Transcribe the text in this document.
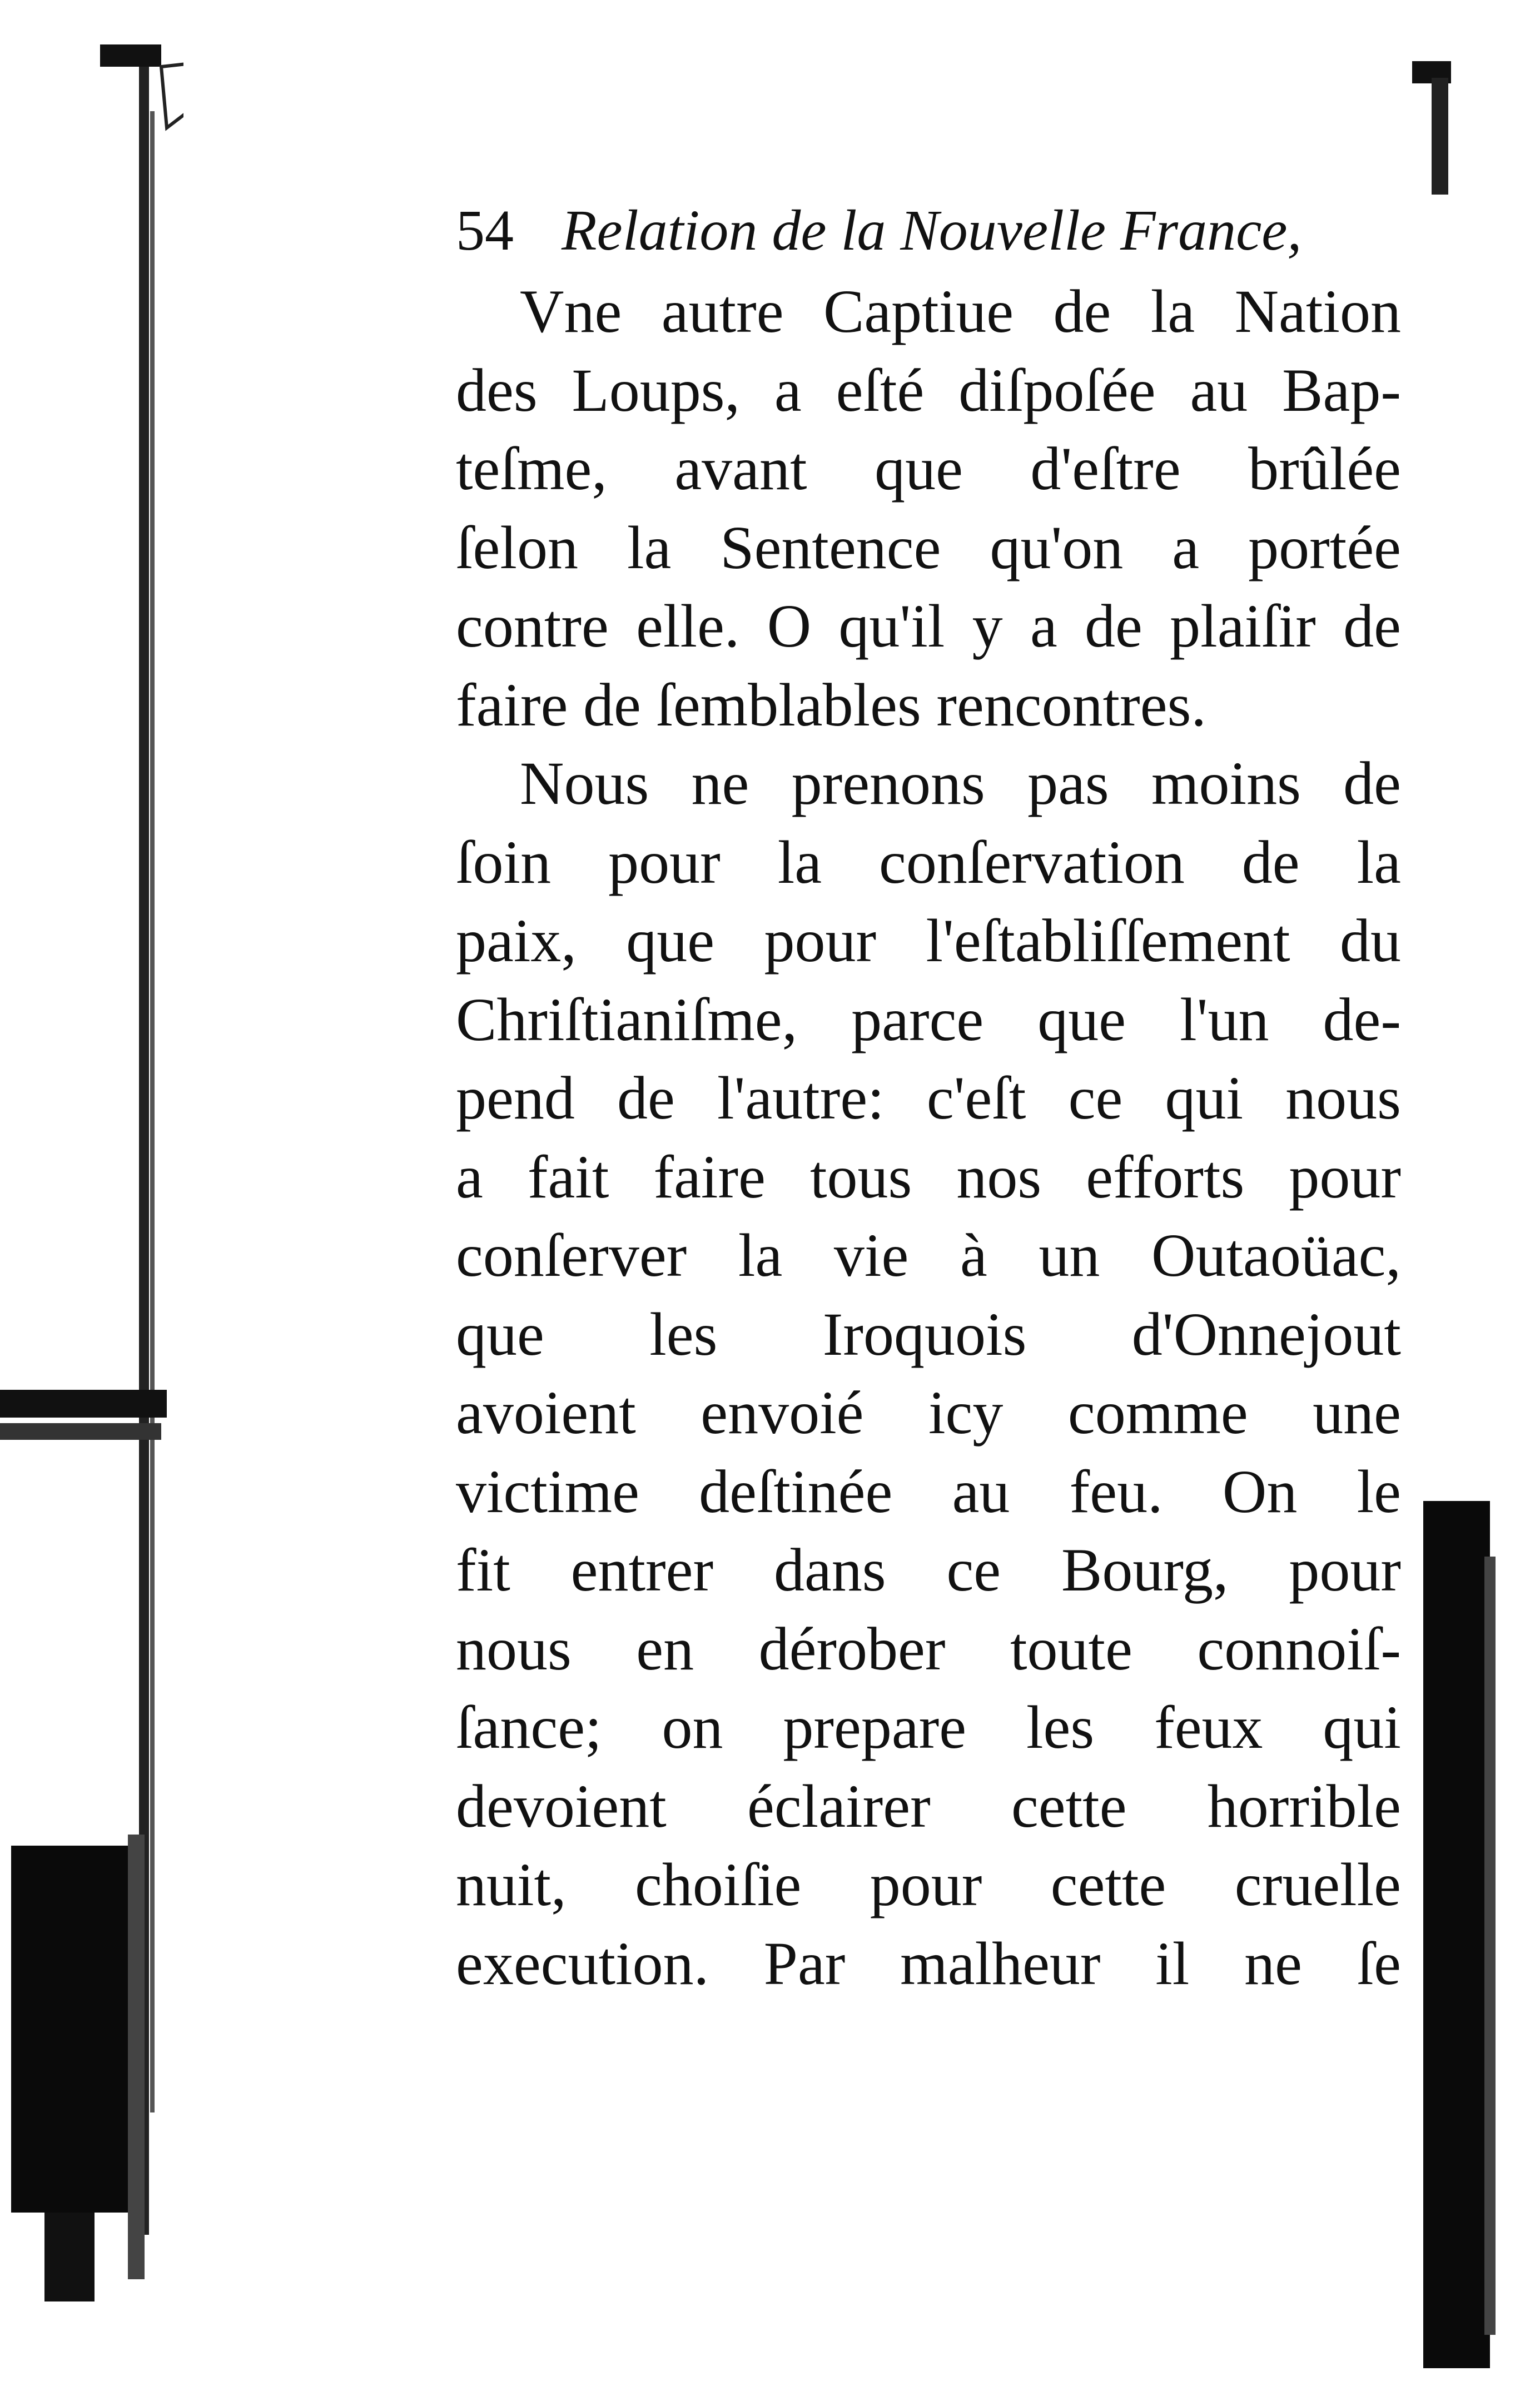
54 Relation de la Nouvelle France,
Vne autre Captiue de la Nation
des Loups, a eſté diſpoſée au Bap-
teſme, avant que d'eſtre brûlée
ſelon la Sentence qu'on a portée
contre elle. O qu'il y a de plaiſir de
faire de ſemblables rencontres.
Nous ne prenons pas moins de
ſoin pour la conſervation de la
paix, que pour l'eſtabliſſement du
Chriſtianiſme, parce que l'un de-
pend de l'autre: c'eſt ce qui nous
a fait faire tous nos efforts pour
conſerver la vie à un Outaoüac,
que les Iroquois d'Onnejout
avoient envoié icy comme une
victime deſtinée au feu. On le
fit entrer dans ce Bourg, pour
nous en dérober toute connoiſ-
ſance; on prepare les feux qui
devoient éclairer cette horrible
nuit, choiſie pour cette cruelle
execution. Par malheur il ne ſe
